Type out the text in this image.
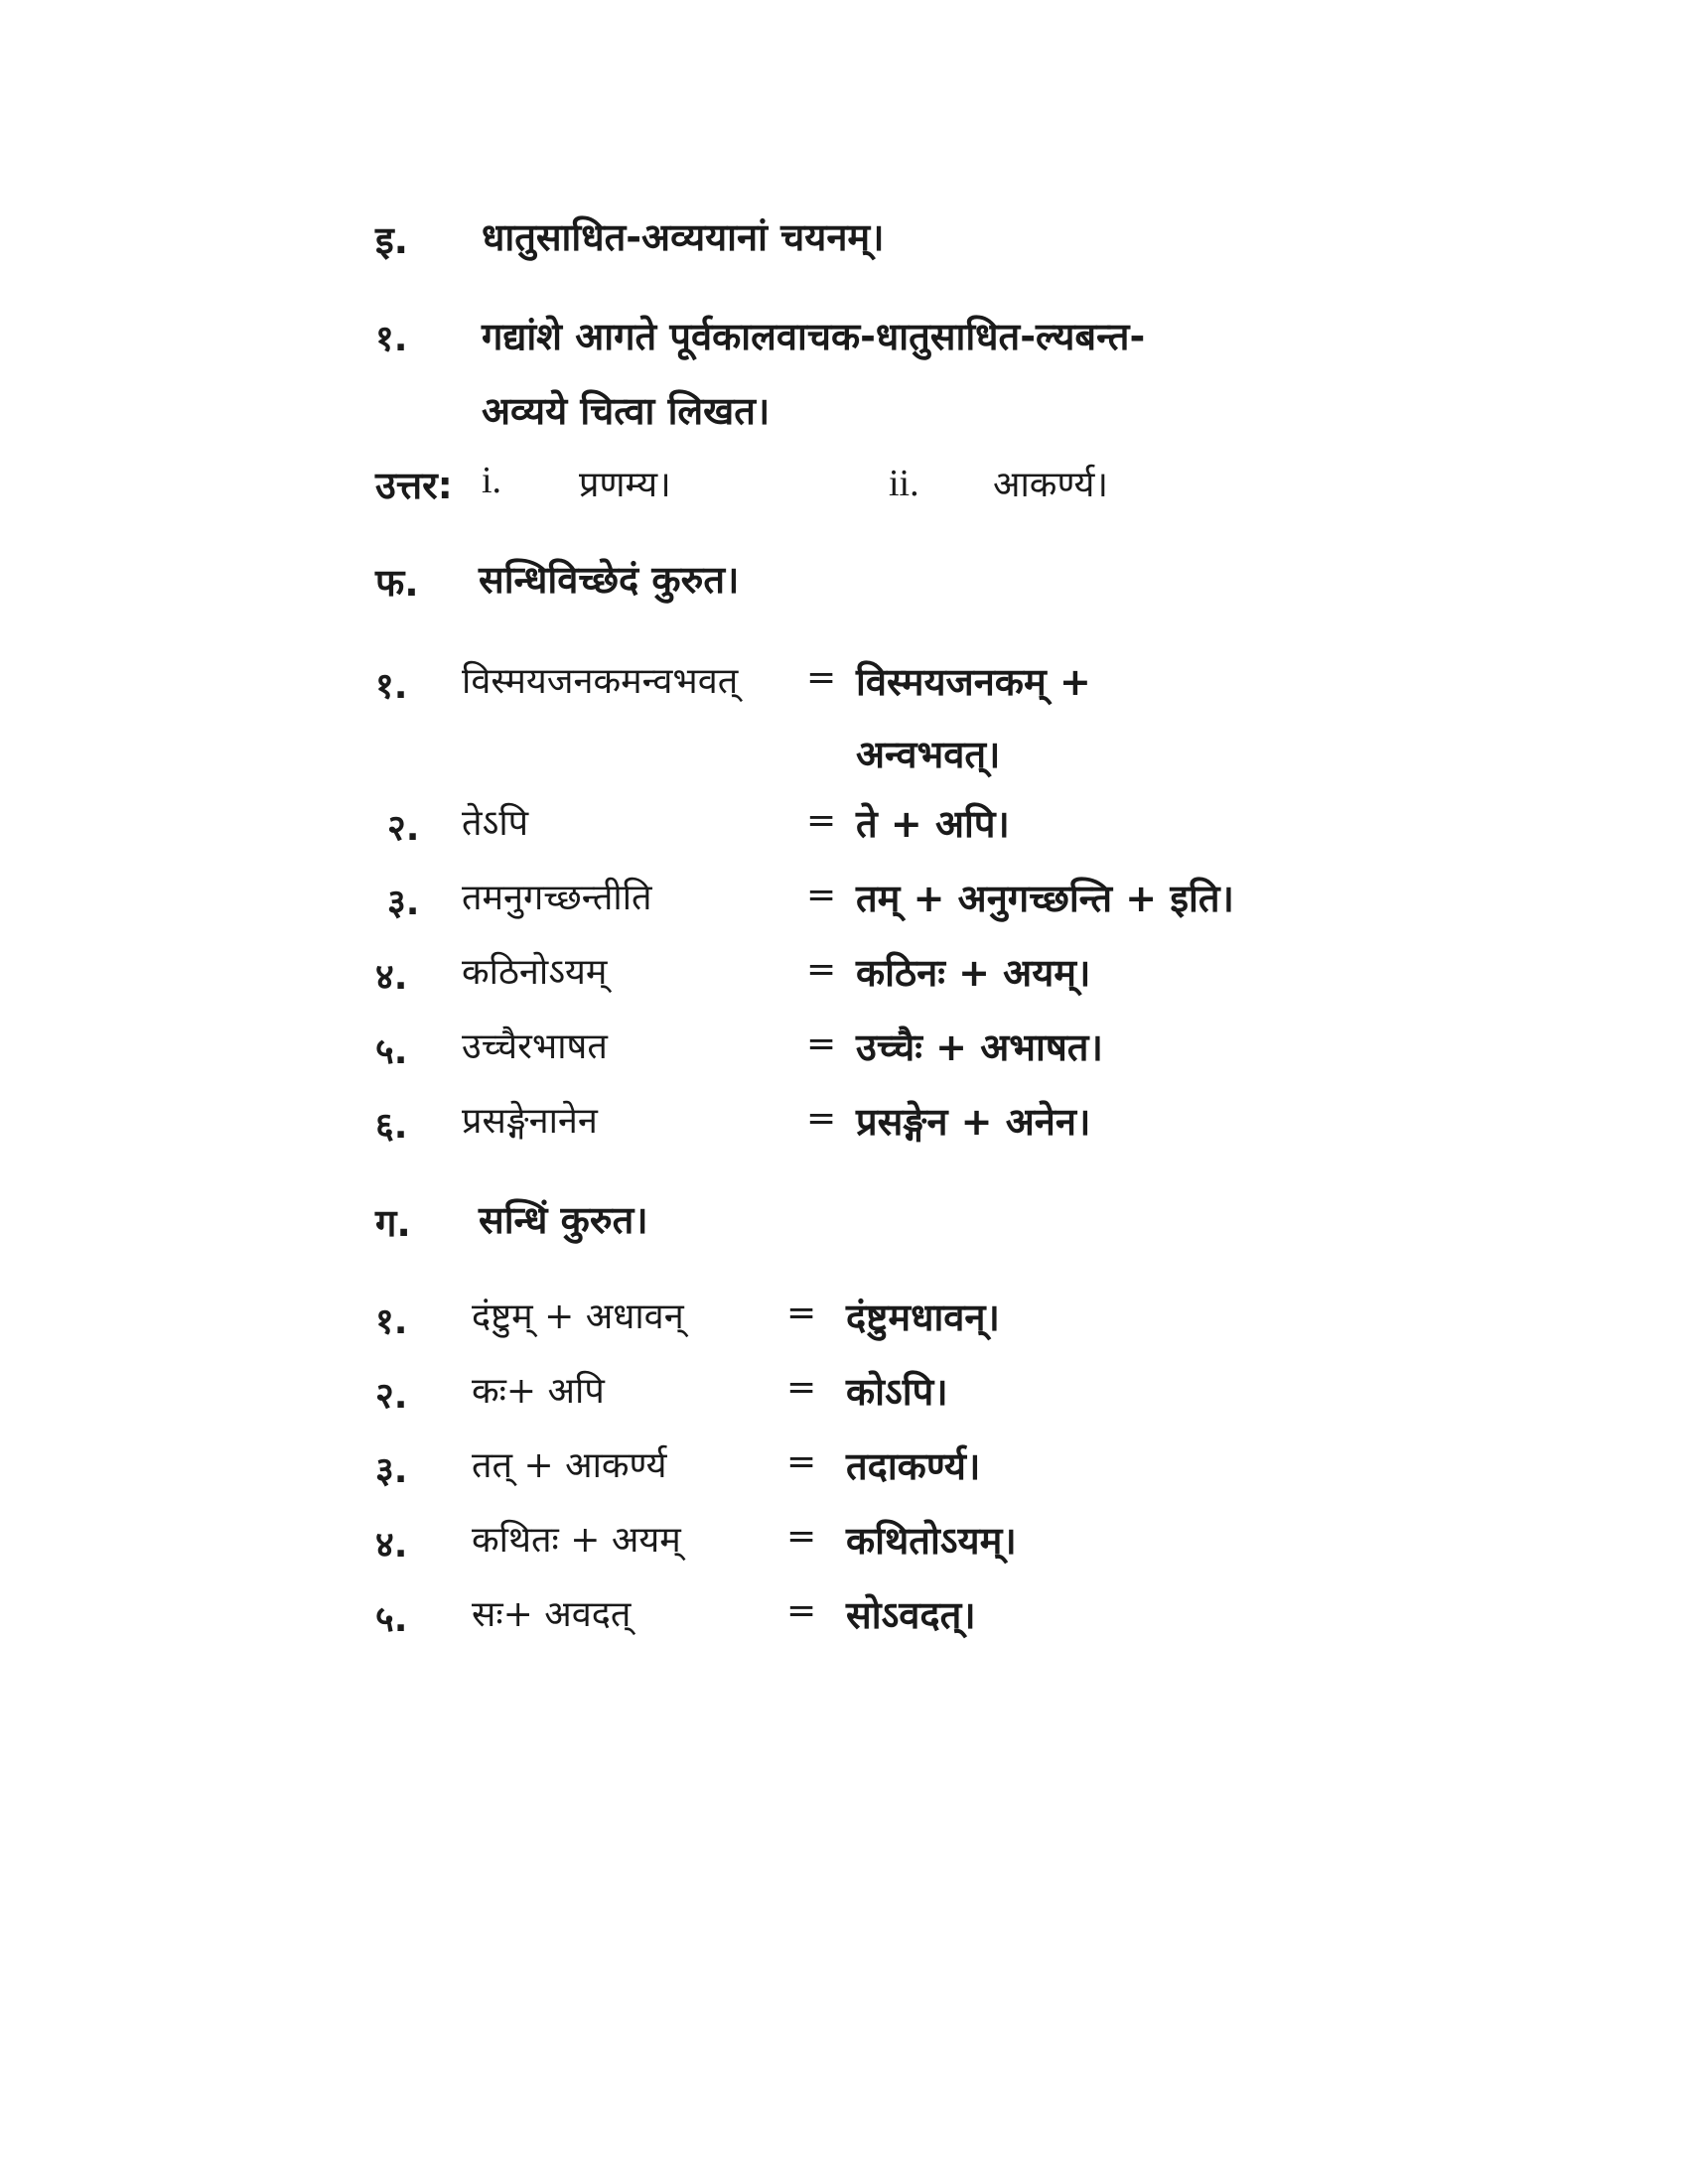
इ. धातुसाधित-अव्ययानां चयनम्।
१. गद्यांशे आगते पूर्वकालवाचक-धातुसाधित-ल्यबन्त-
अव्यये चित्वा लिखत।
उत्तर: i. प्रणम्य।	ii. आकर्ण्य।
फ. सन्धिविच्छेदं कुरुत।
१. विस्मयजनकमन्वभवत् = विस्मयजनकम् +
अन्वभवत्।
२. तेऽपि	= ते + अपि।
३. तमनुगच्छन्तीति	= तम् + अनुगच्छन्ति + इति।
४. कठिनोऽयम्	= कठिनः + अयम्।
५. उच्चैरभाषत	= उच्चैः + अभाषत।
६. प्रसङ्गेनानेन	= प्रसङ्गेन + अनेन।
ग. सन्धिं कुरुत।
१. दंष्टुम् + अधावन्	= दंष्टुमधावन्।
२. कः+ अपि	= कोऽपि।
३. तत् + आकर्ण्य	= तदाकर्ण्य।
४. कथितः + अयम्	= कथितोऽयम्।
५. सः+ अवदत्	= सोऽवदत्।
